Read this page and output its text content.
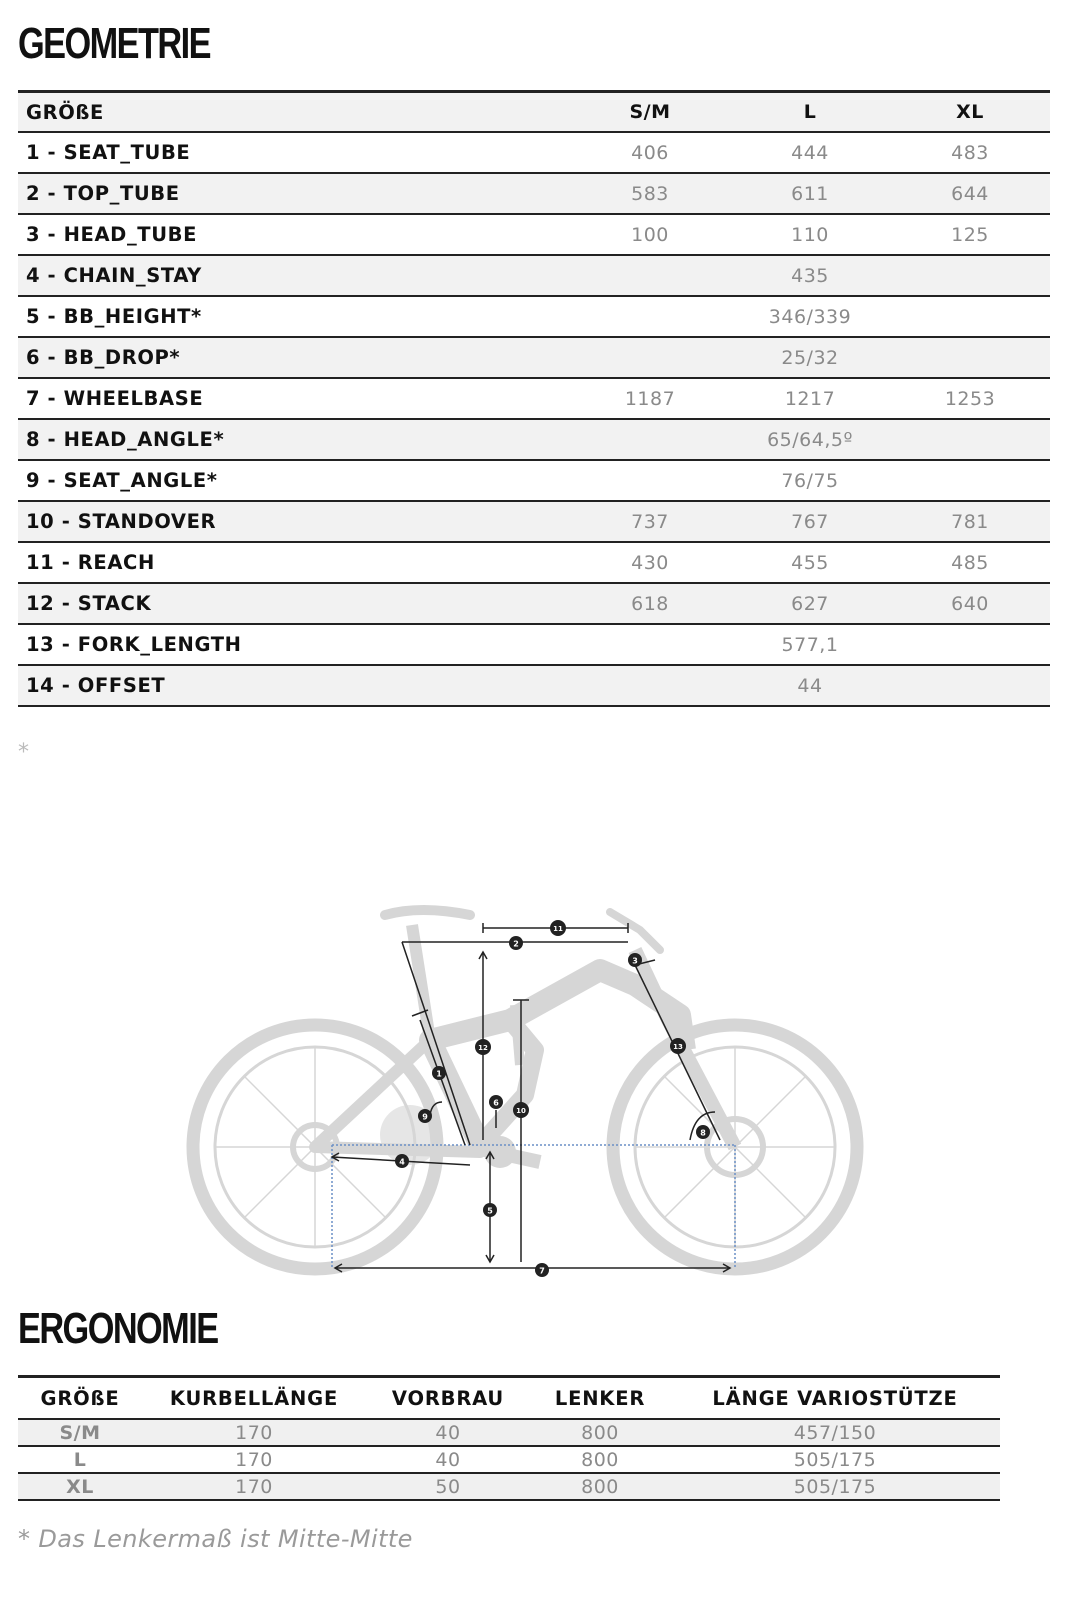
GEOMETRIE
GRÖßE	S/M	L	XL
1 - SEAT_TUBE	406	444	483
2 - TOP_TUBE	583	611	644
3 - HEAD_TUBE	100	110	125
4 - CHAIN_STAY	435
5 - BB_HEIGHT*	346/339
6 - BB_DROP*	25/32
7 - WHEELBASE	1187	1217	1253
8 - HEAD_ANGLE*	65/64,5º
9 - SEAT_ANGLE*	76/75
10 - STANDOVER	737	767	781
11 - REACH	430	455	485
12 - STACK	618	627	640
13 - FORK_LENGTH	577,1
14 - OFFSET	44
*
1
2
3
4
5
6
7
8
9
10
11
12	13
ERGONOMIE
GRÖßE	KURBELLÄNGE	VORBRAU	LENKER	LÄNGE VARIOSTÜTZE
S/M	170	40	800	457/150
L	170	40	800	505/175
XL	170	50	800	505/175
* Das Lenkermaß ist Mitte-Mitte
